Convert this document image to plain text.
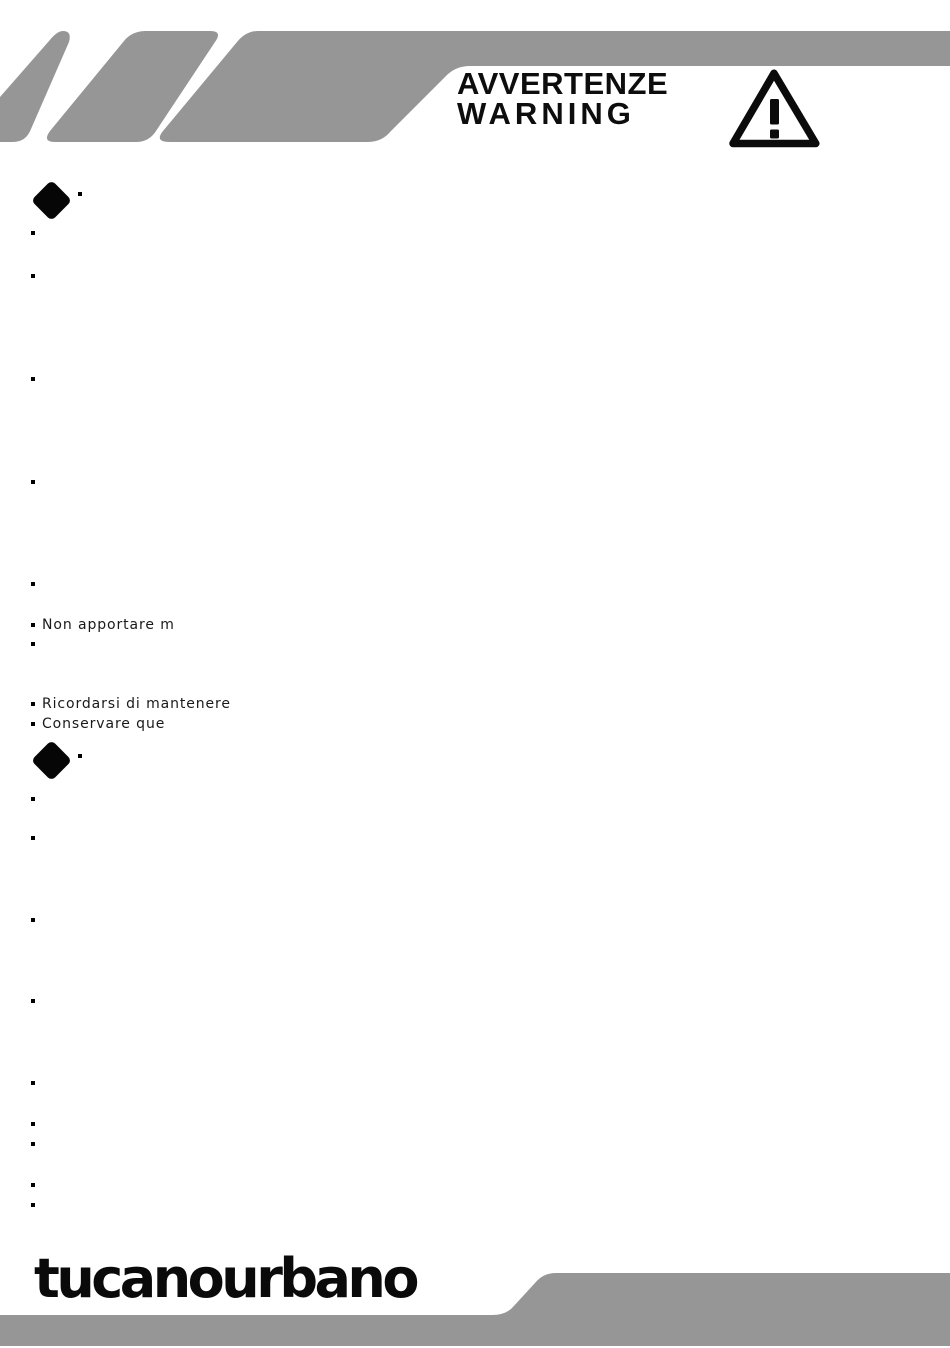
AVVERTENZE
WARNING
Non apportare m
Ricordarsi di mantenere
Conservare que
tucanourbano
